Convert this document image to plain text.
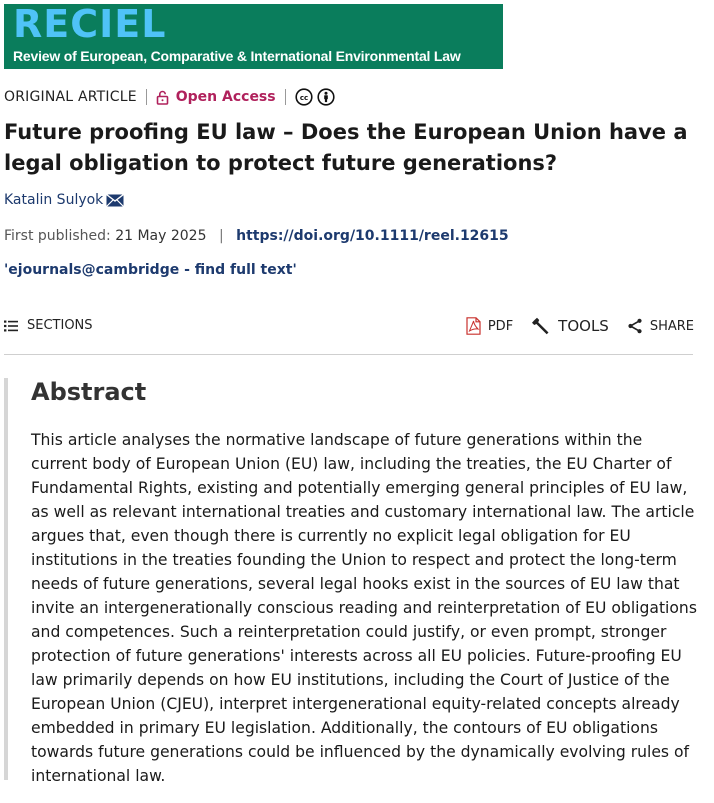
RECIEL
Review of European, Comparative & International Environmental Law
ORIGINAL ARTICLE	Open Access	cc
Future proofing EU law – Does the European Union have a legal obligation to protect future generations?
Katalin Sulyok
First published: 21 May 2025 | https://doi.org/10.1111/reel.12615
'ejournals@cambridge - find full text'
SECTIONS	PDF	TOOLS	SHARE
Abstract

This article analyses the normative landscape of future generations within the current body of European Union (EU) law, including the treaties, the EU Charter of Fundamental Rights, existing and potentially emerging general principles of EU law, as well as relevant international treaties and customary international law. The article argues that, even though there is currently no explicit legal obligation for EU institutions in the treaties founding the Union to respect and protect the long-term needs of future generations, several legal hooks exist in the sources of EU law that invite an intergenerationally conscious reading and reinterpretation of EU obligations and competences. Such a reinterpretation could justify, or even prompt, stronger protection of future generations' interests across all EU policies. Future-proofing EU law primarily depends on how EU institutions, including the Court of Justice of the European Union (CJEU), interpret intergenerational equity-related concepts already embedded in primary EU legislation. Additionally, the contours of EU obligations towards future generations could be influenced by the dynamically evolving rules of international law.
